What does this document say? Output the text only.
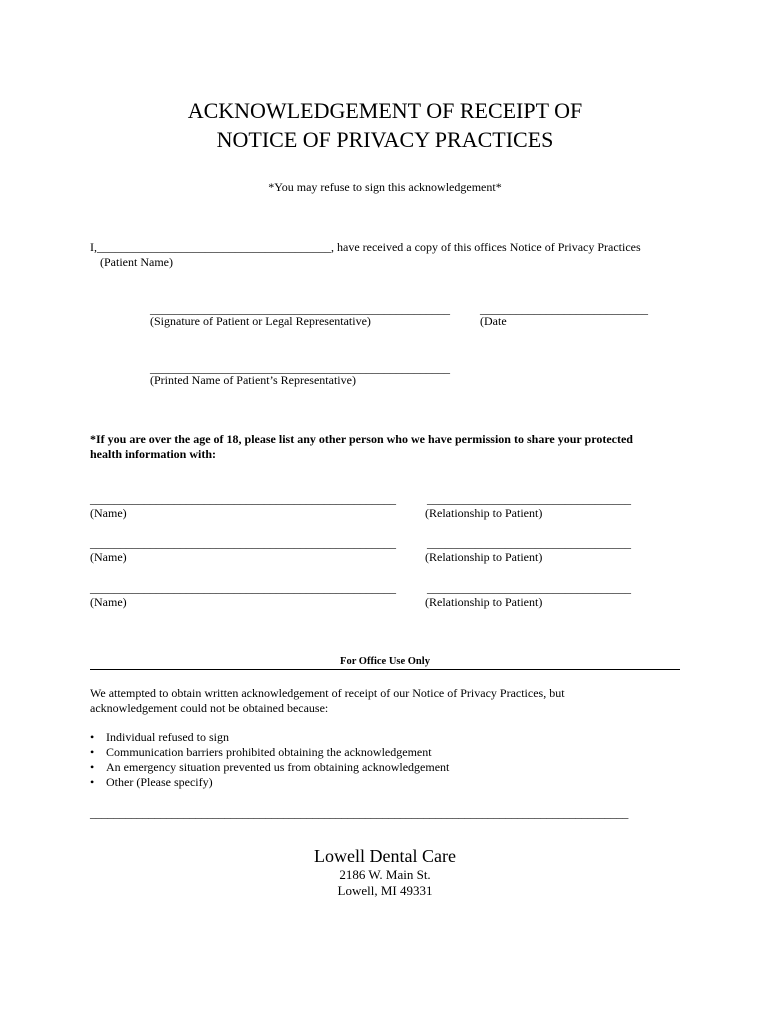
ACKNOWLEDGEMENT OF RECEIPT OF
NOTICE OF PRIVACY PRACTICES
*You may refuse to sign this acknowledgement*
I,_______________________________________, have received a copy of this offices Notice of Privacy Practices
(Patient Name)
__________________________________________________	____________________________
(Signature of Patient or Legal Representative)	(Date
__________________________________________________
(Printed Name of Patient’s Representative)
*If you are over the age of 18, please list any other person who we have permission to share your protected
health information with:
___________________________________________________	__________________________________
(Name)	(Relationship to Patient)
___________________________________________________	__________________________________
(Name)	(Relationship to Patient)
___________________________________________________	__________________________________
(Name)	(Relationship to Patient)
For Office Use Only
We attempted to obtain written acknowledgement of receipt of our Notice of Privacy Practices, but
acknowledgement could not be obtained because:
• Individual refused to sign
• Communication barriers prohibited obtaining the acknowledgement
• An emergency situation prevented us from obtaining acknowledgement
• Other (Please specify)
____________________________________________________________________________________________
Lowell Dental Care
2186 W. Main St.
Lowell, MI 49331
